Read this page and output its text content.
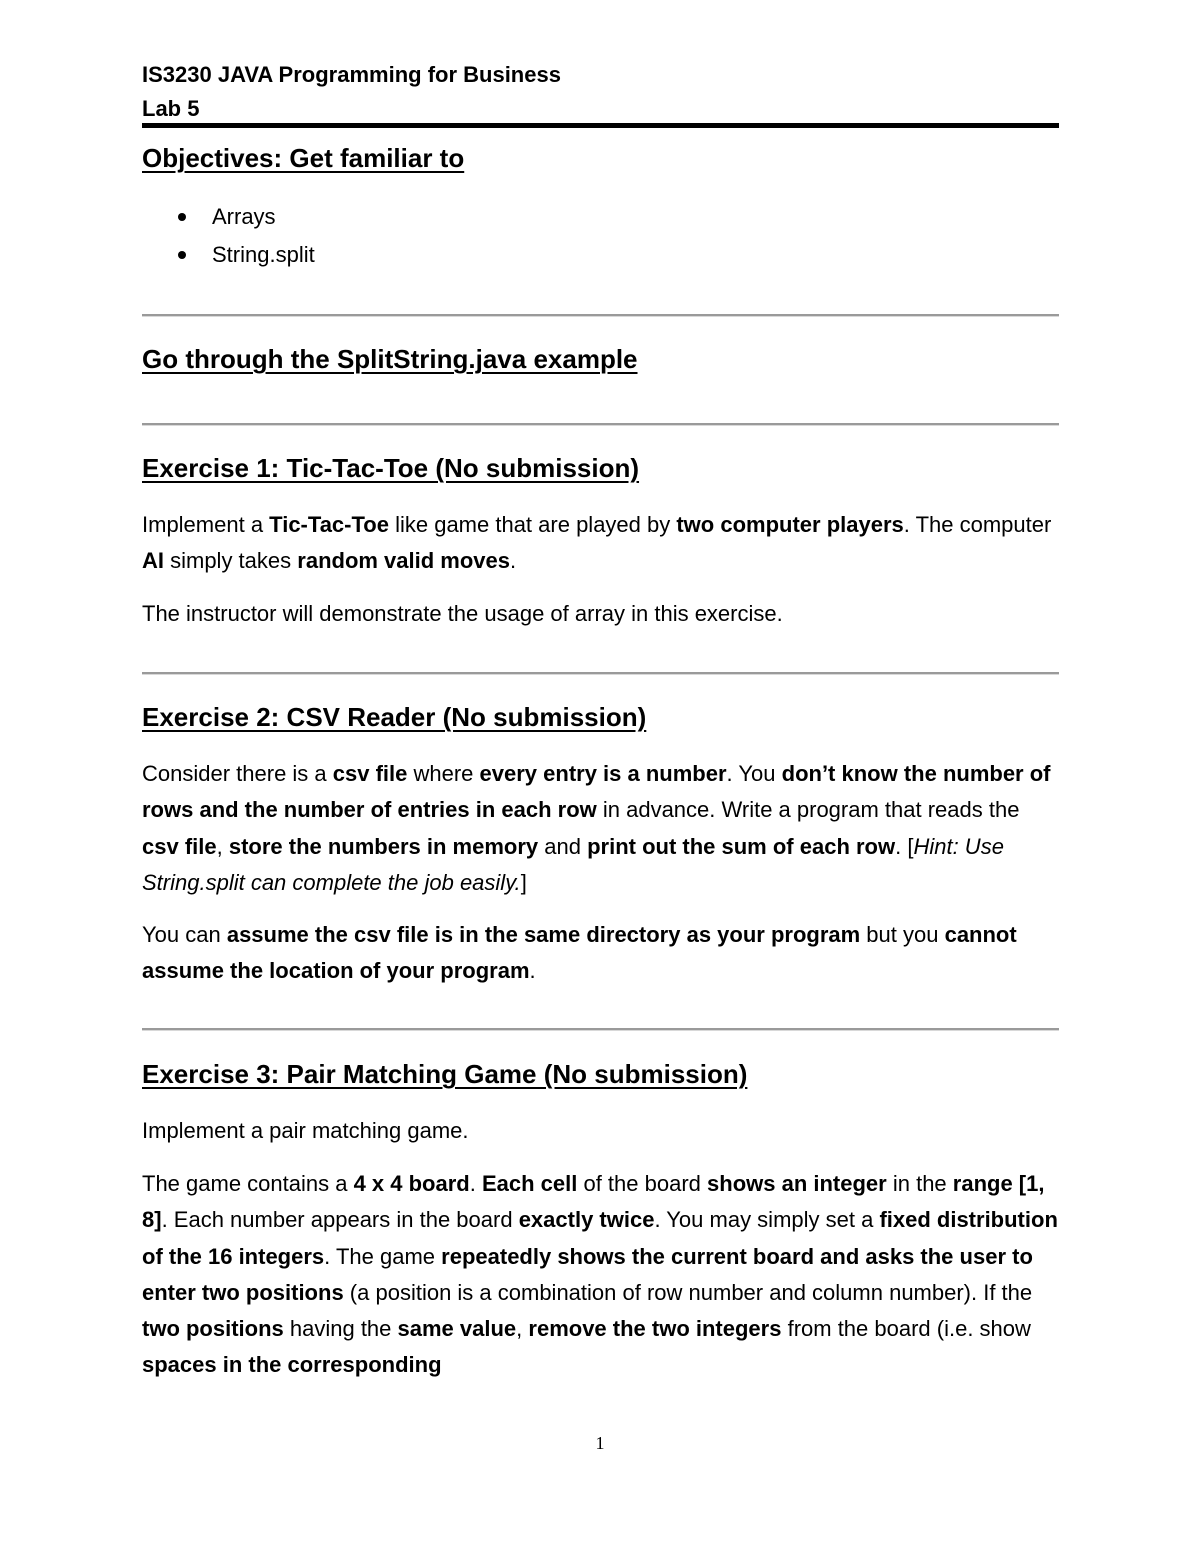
IS3230 JAVA Programming for Business
Lab 5
Objectives: Get familiar to
Arrays
String.split
Go through the SplitString.java example
Exercise 1: Tic-Tac-Toe (No submission)
Implement a Tic-Tac-Toe like game that are played by two computer players. The computer AI simply takes random valid moves.
The instructor will demonstrate the usage of array in this exercise.
Exercise 2: CSV Reader (No submission)
Consider there is a csv file where every entry is a number. You don’t know the number of rows and the number of entries in each row in advance. Write a program that reads the csv file, store the numbers in memory and print out the sum of each row. [Hint: Use String.split can complete the job easily.]
You can assume the csv file is in the same directory as your program but you cannot assume the location of your program.
Exercise 3: Pair Matching Game (No submission)
Implement a pair matching game.
The game contains a 4 x 4 board. Each cell of the board shows an integer in the range [1, 8]. Each number appears in the board exactly twice. You may simply set a fixed distribution of the 16 integers. The game repeatedly shows the current board and asks the user to enter two positions (a position is a combination of row number and column number). If the two positions having the same value, remove the two integers from the board (i.e. show spaces in the corresponding
1
